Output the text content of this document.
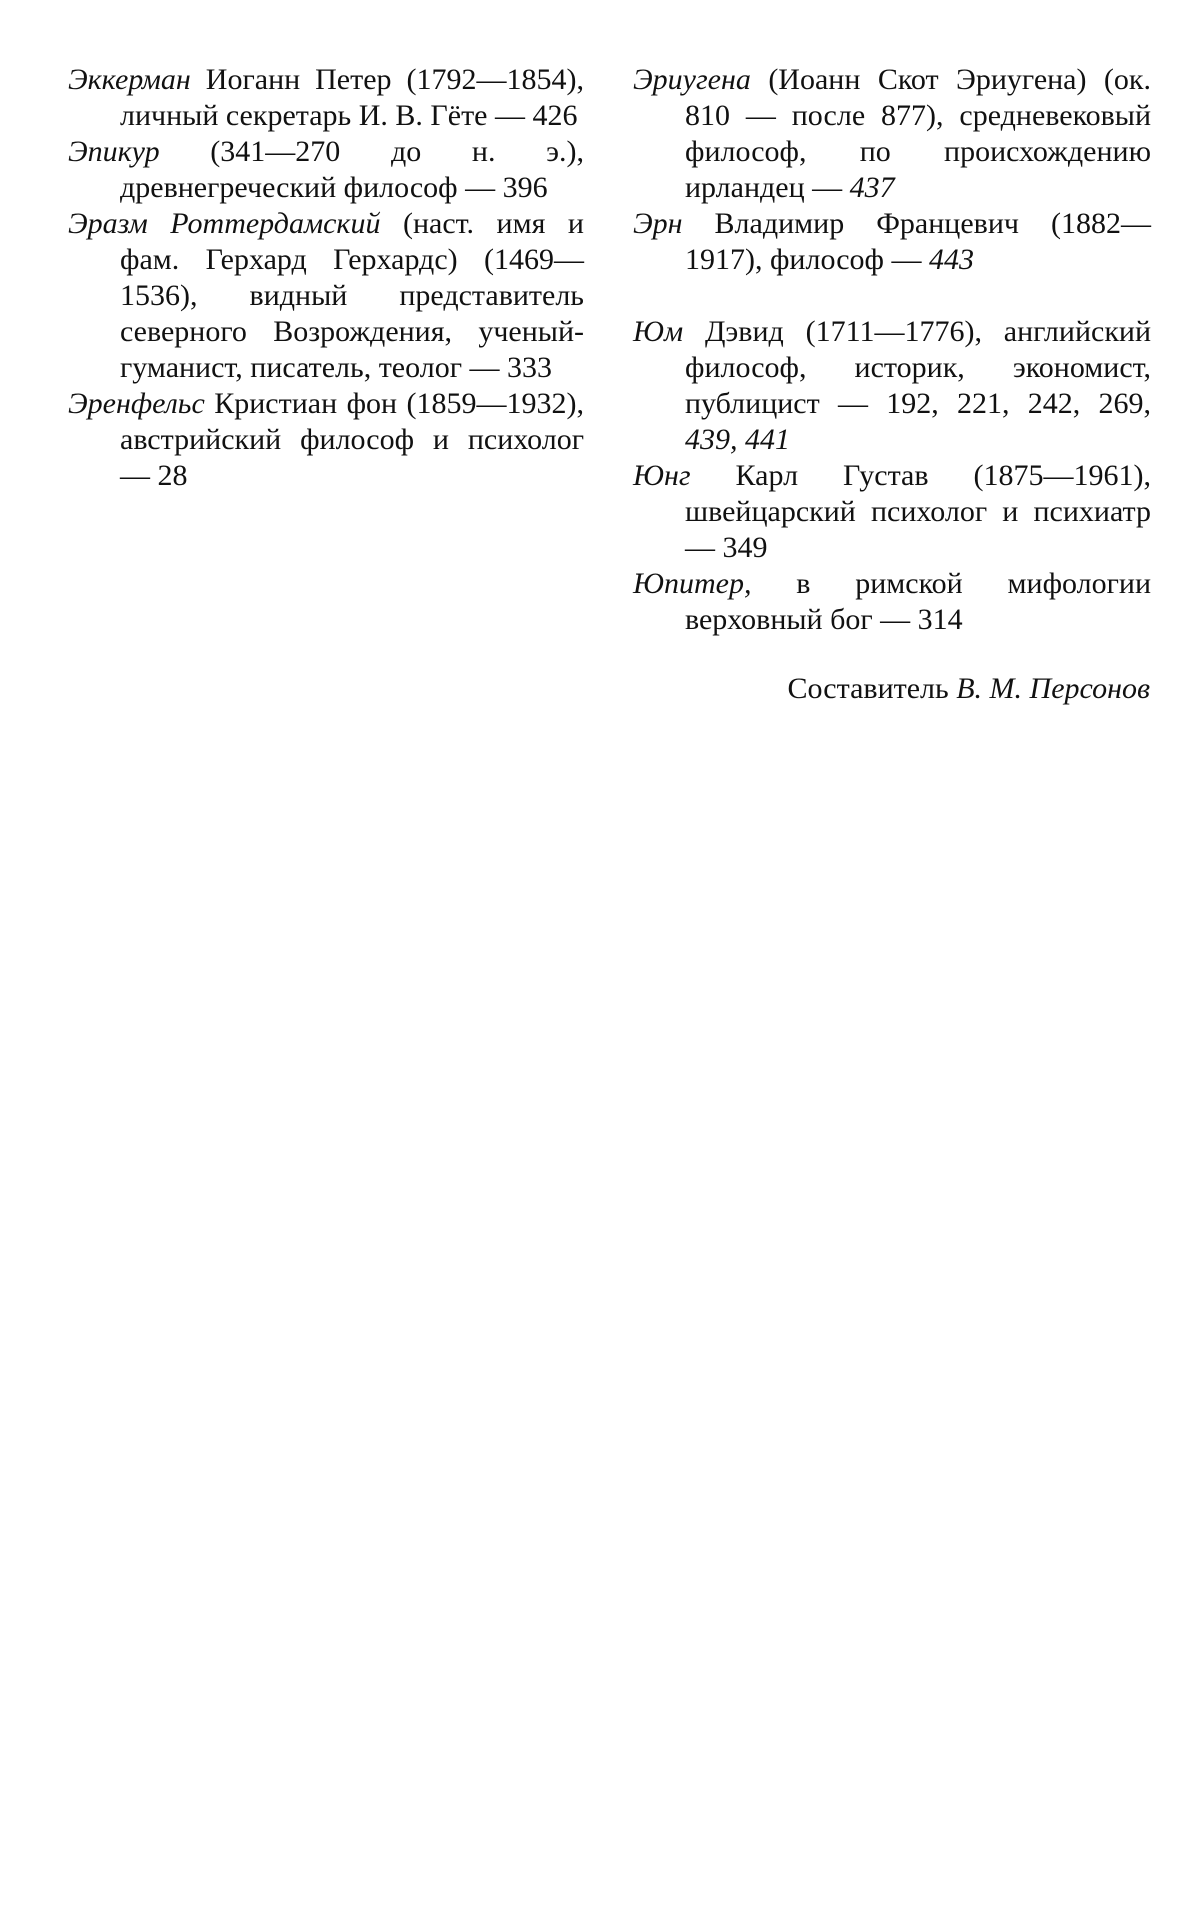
Эккерман Иоганн Петер (1792—1854), личный секретарь И. В. Гёте — 426

Эпикур (341—270 до н. э.), древнегреческий философ — 396

Эразм Роттердамский (наст. имя и фам. Герхард Герхардс) (1469—1536), видный представитель северного Возрождения, ученый-гуманист, писатель, теолог — 333

Эренфельс Кристиан фон (1859—1932), австрийский философ и психолог — 28

Эриугена (Иоанн Скот Эриугена) (ок. 810 — после 877), средневековый философ, по происхождению ирландец — 437

Эрн Владимир Францевич (1882—1917), философ — 443

Юм Дэвид (1711—1776), английский философ, историк, экономист, публицист — 192, 221, 242, 269, 439, 441

Юнг Карл Густав (1875—1961), швейцарский психолог и психиатр — 349

Юпитер, в римской мифологии верховный бог — 314

Составитель В. М. Персонов
